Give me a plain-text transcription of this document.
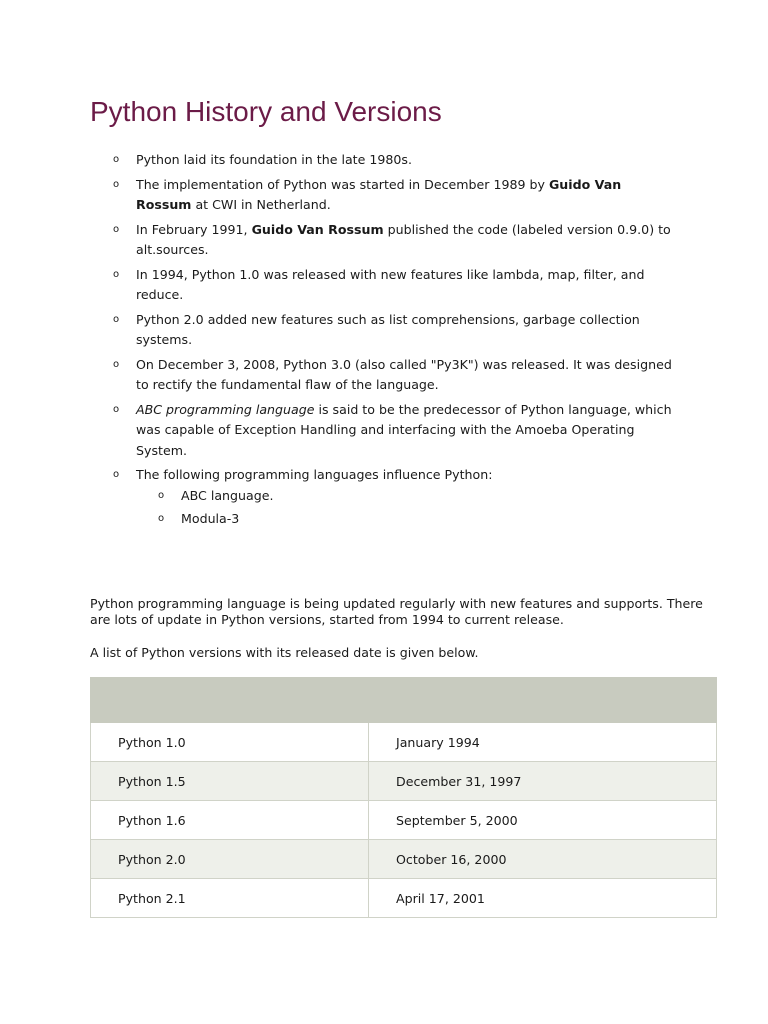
Python History and Versions
o Python laid its foundation in the late 1980s.
o The implementation of Python was started in December 1989 by Guido Van Rossum at CWI in Netherland.
o In February 1991, Guido Van Rossum published the code (labeled version 0.9.0) to alt.sources.
o In 1994, Python 1.0 was released with new features like lambda, map, filter, and reduce.
o Python 2.0 added new features such as list comprehensions, garbage collection systems.
o On December 3, 2008, Python 3.0 (also called "Py3K") was released. It was designed to rectify the fundamental flaw of the language.
o ABC programming language is said to be the predecessor of Python language, which was capable of Exception Handling and interfacing with the Amoeba Operating System.
o The following programming languages influence Python:
o ABC language.
o Modula-3

Python programming language is being updated regularly with new features and supports. There are lots of update in Python versions, started from 1994 to current release.

A list of Python versions with its released date is given below.

Python 1.0	January 1994
Python 1.5	December 31, 1997
Python 1.6	September 5, 2000
Python 2.0	October 16, 2000
Python 2.1	April 17, 2001
